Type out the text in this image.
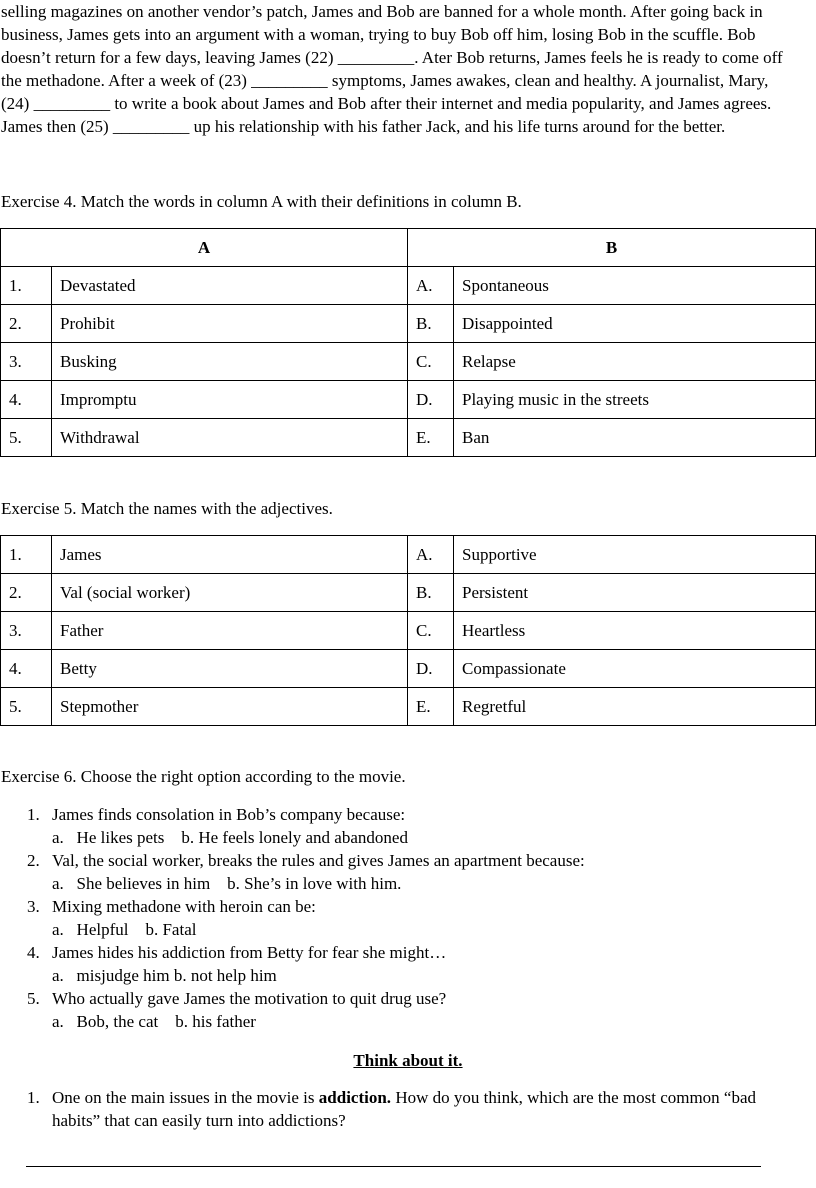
selling magazines on another vendor’s patch, James and Bob are banned for a whole month. After going back in

business, James gets into an argument with a woman, trying to buy Bob off him, losing Bob in the scuffle. Bob

doesn’t return for a few days, leaving James (22) _________. Ater Bob returns, James feels he is ready to come off

the methadone. After a week of (23) _________ symptoms, James awakes, clean and healthy. A journalist, Mary,

(24) _________ to write a book about James and Bob after their internet and media popularity, and James agrees.

James then (25) _________ up his relationship with his father Jack, and his life turns around for the better.

Exercise 4. Match the words in column A with their definitions in column B.

A		B	
1.	Devastated	A.	Spontaneous
2.	Prohibit	B.	Disappointed
3.	Busking	C.	Relapse
4.	Impromptu	D.	Playing music in the streets
5.	Withdrawal	E.	Ban

Exercise 5. Match the names with the adjectives.

1.	James	A.	Supportive
2.	Val (social worker)	B.	Persistent
3.	Father	C.	Heartless
4.	Betty	D.	Compassionate
5.	Stepmother	E.	Regretful

Exercise 6. Choose the right option according to the movie.

1. James finds consolation in Bob’s company because:
a.   He likes pets    b. He feels lonely and abandoned
2. Val, the social worker, breaks the rules and gives James an apartment because:
a.   She believes in him    b. She’s in love with him.
3. Mixing methadone with heroin can be:
a.   Helpful    b. Fatal
4. James hides his addiction from Betty for fear she might…
a.   misjudge him b. not help him
5. Who actually gave James the motivation to quit drug use?
a.   Bob, the cat    b. his father

Think about it.

1. One on the main issues in the movie is addiction. How do you think, which are the most common “bad habits” that can easily turn into addictions?
